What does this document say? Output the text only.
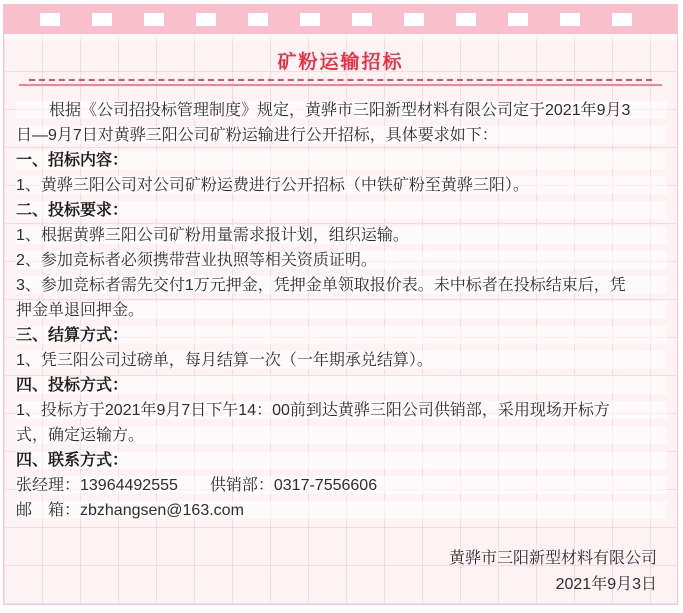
矿粉运输招标
根据《公司招投标管理制度》规定，黄骅市三阳新型材料有限公司定于2021年9月3
日—9月7日对黄骅三阳公司矿粉运输进行公开招标，具体要求如下：
一、招标内容：
1、黄骅三阳公司对公司矿粉运费进行公开招标（中铁矿粉至黄骅三阳）。
二、投标要求：
1、根据黄骅三阳公司矿粉用量需求报计划，组织运输。
2、参加竞标者必须携带营业执照等相关资质证明。
3、参加竞标者需先交付1万元押金，凭押金单领取报价表。未中标者在投标结束后，凭
押金单退回押金。
三、结算方式：
1、凭三阳公司过磅单，每月结算一次（一年期承兑结算）。
四、投标方式：
1、投标方于2021年9月7日下午14：00前到达黄骅三阳公司供销部，采用现场开标方
式，确定运输方。
四、联系方式：
张经理：13964492555　　供销部：0317-7556606
邮　箱：zbzhangsen@163.com
黄骅市三阳新型材料有限公司
2021年9月3日
